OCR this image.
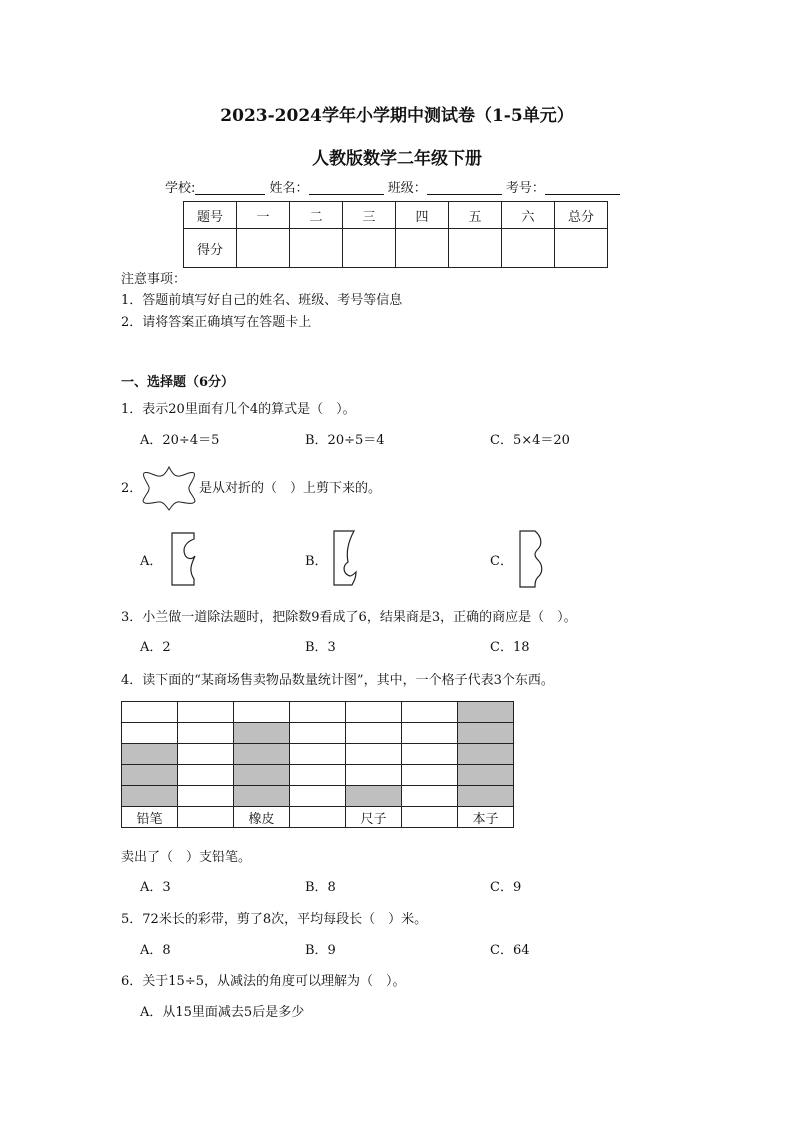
2023-2024学年小学期中测试卷（1-5单元）
人教版数学二年级下册
学校:	姓名：	班级：	考号：
题号	一	二	三	四	五	六	总分
得分							
注意事项：
1．答题前填写好自己的姓名、班级、考号等信息
2．请将答案正确填写在答题卡上
一、选择题（6分）
1．表示20里面有几个4的算式是（　）。
A．20÷4＝5	B．20÷5＝4	C．5×4＝20
2．	是从对折的（　）上剪下来的。
A．	B．	C．
3．小兰做一道除法题时，把除数9看成了6，结果商是3，正确的商应是（　）。
A．2	B．3	C．18
4．读下面的“某商场售卖物品数量统计图”，其中，一个格子代表3个东西。

铅笔		橡皮		尺子		本子
卖出了（　）支铅笔。
A．3	B．8	C．9
5．72米长的彩带，剪了8次，平均每段长（　）米。
A．8	B．9	C．64
6．关于15÷5，从减法的角度可以理解为（　）。
A．从15里面减去5后是多少
